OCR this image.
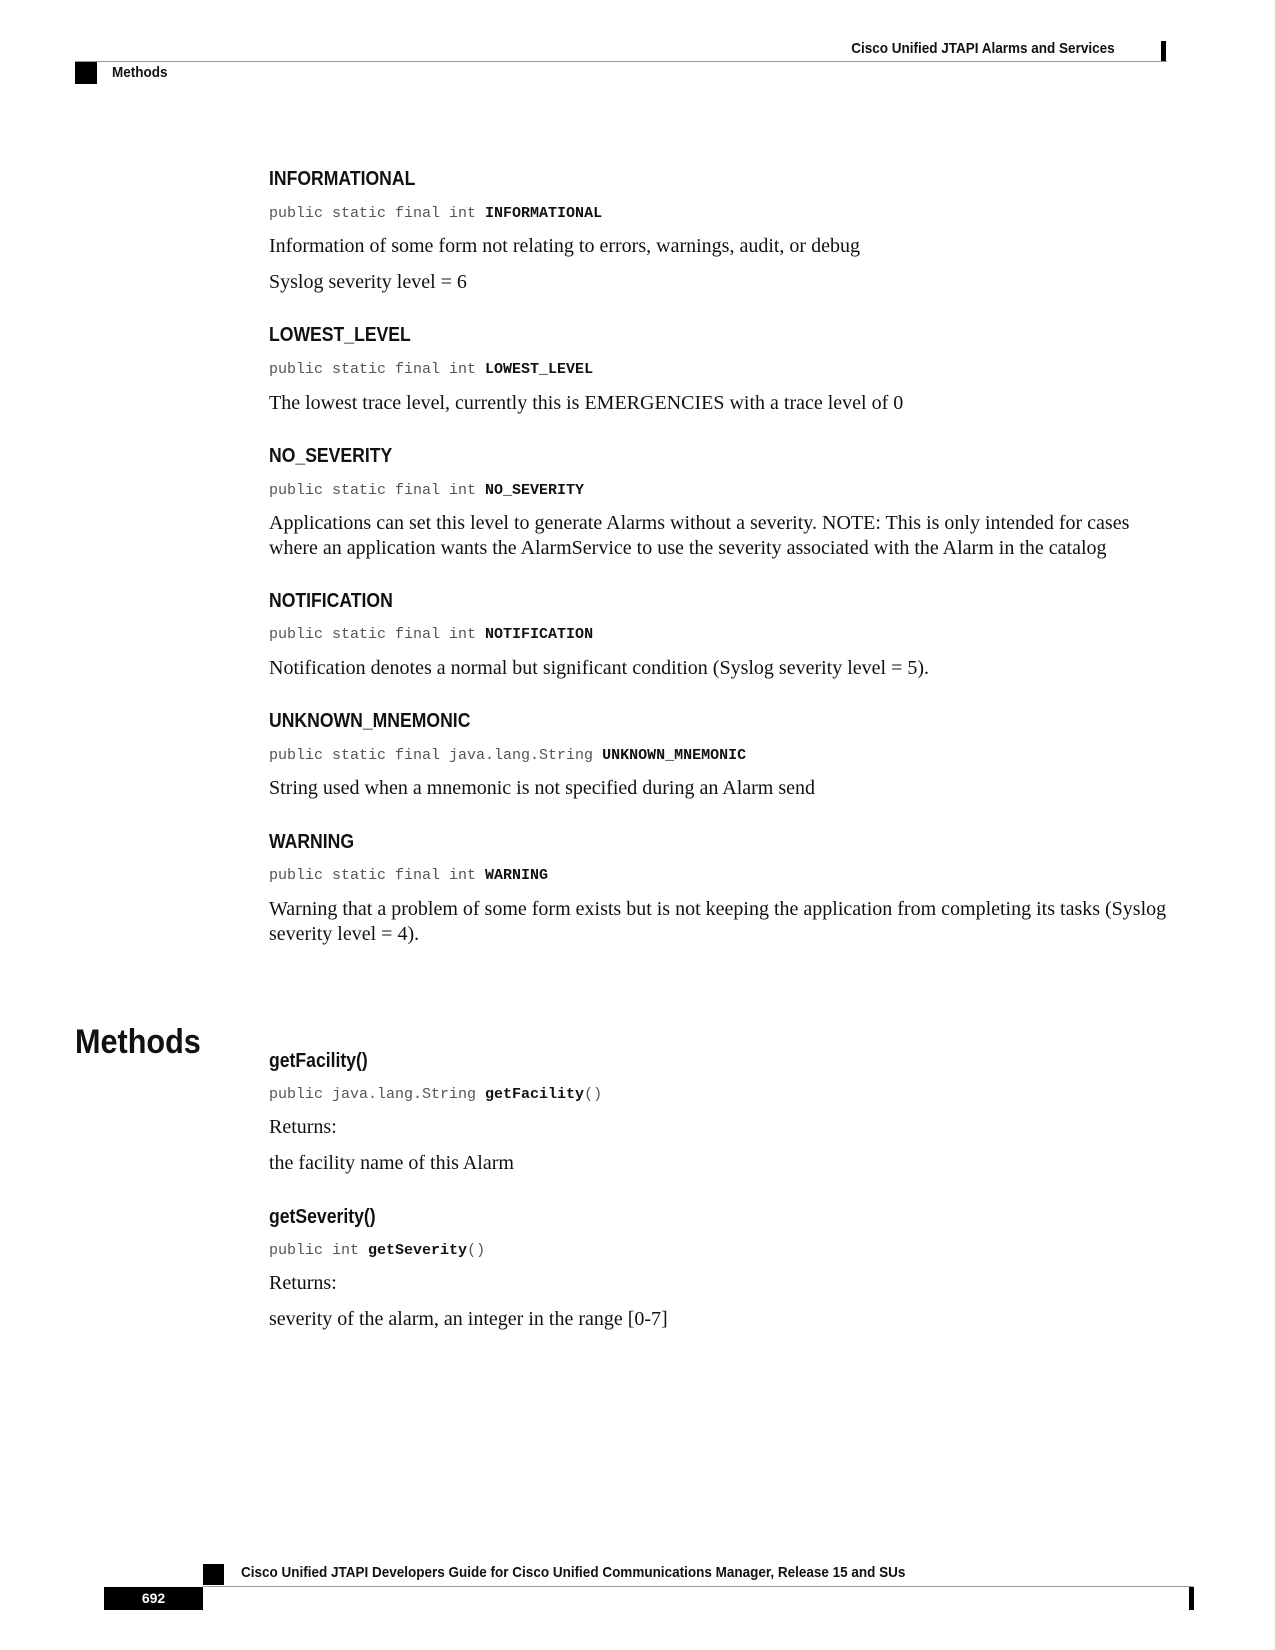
Cisco Unified JTAPI Alarms and Services
Methods
INFORMATIONAL
public static final int INFORMATIONAL
Information of some form not relating to errors, warnings, audit, or debug
Syslog severity level = 6
LOWEST_LEVEL
public static final int LOWEST_LEVEL
The lowest trace level, currently this is EMERGENCIES with a trace level of 0
NO_SEVERITY
public static final int NO_SEVERITY
Applications can set this level to generate Alarms without a severity. NOTE: This is only intended for cases where an application wants the AlarmService to use the severity associated with the Alarm in the catalog
NOTIFICATION
public static final int NOTIFICATION
Notification denotes a normal but significant condition (Syslog severity level = 5).
UNKNOWN_MNEMONIC
public static final java.lang.String UNKNOWN_MNEMONIC
String used when a mnemonic is not specified during an Alarm send
WARNING
public static final int WARNING
Warning that a problem of some form exists but is not keeping the application from completing its tasks (Syslog severity level = 4).
Methods	getFacility()
public java.lang.String getFacility()
Returns:
the facility name of this Alarm
getSeverity()
public int getSeverity()
Returns:
severity of the alarm, an integer in the range [0-7]
Cisco Unified JTAPI Developers Guide for Cisco Unified Communications Manager, Release 15 and SUs
692
